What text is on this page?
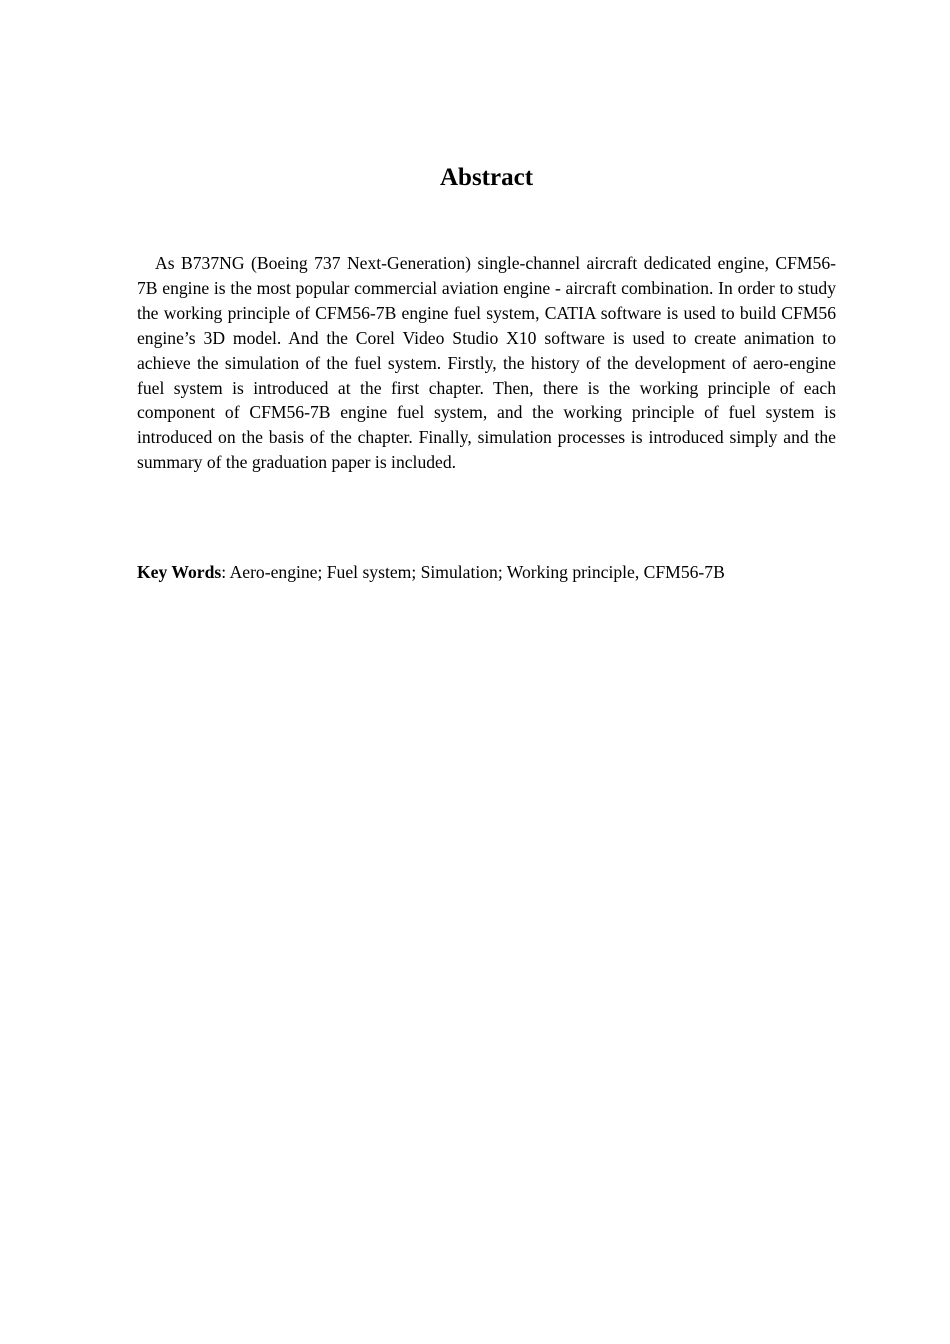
Abstract

As B737NG (Boeing 737 Next-Generation) single-channel aircraft dedicated engine, CFM56-7B engine is the most popular commercial aviation engine - aircraft combination. In order to study the working principle of CFM56-7B engine fuel system, CATIA software is used to build CFM56 engine’s 3D model. And the Corel Video Studio X10 software is used to create animation to achieve the simulation of the fuel system. Firstly, the history of the development of aero-engine fuel system is introduced at the first chapter. Then, there is the working principle of each component of CFM56-7B engine fuel system, and the working principle of fuel system is introduced on the basis of the chapter. Finally, simulation processes is introduced simply and the summary of the graduation paper is included.

Key Words: Aero-engine; Fuel system; Simulation; Working principle, CFM56-7B
